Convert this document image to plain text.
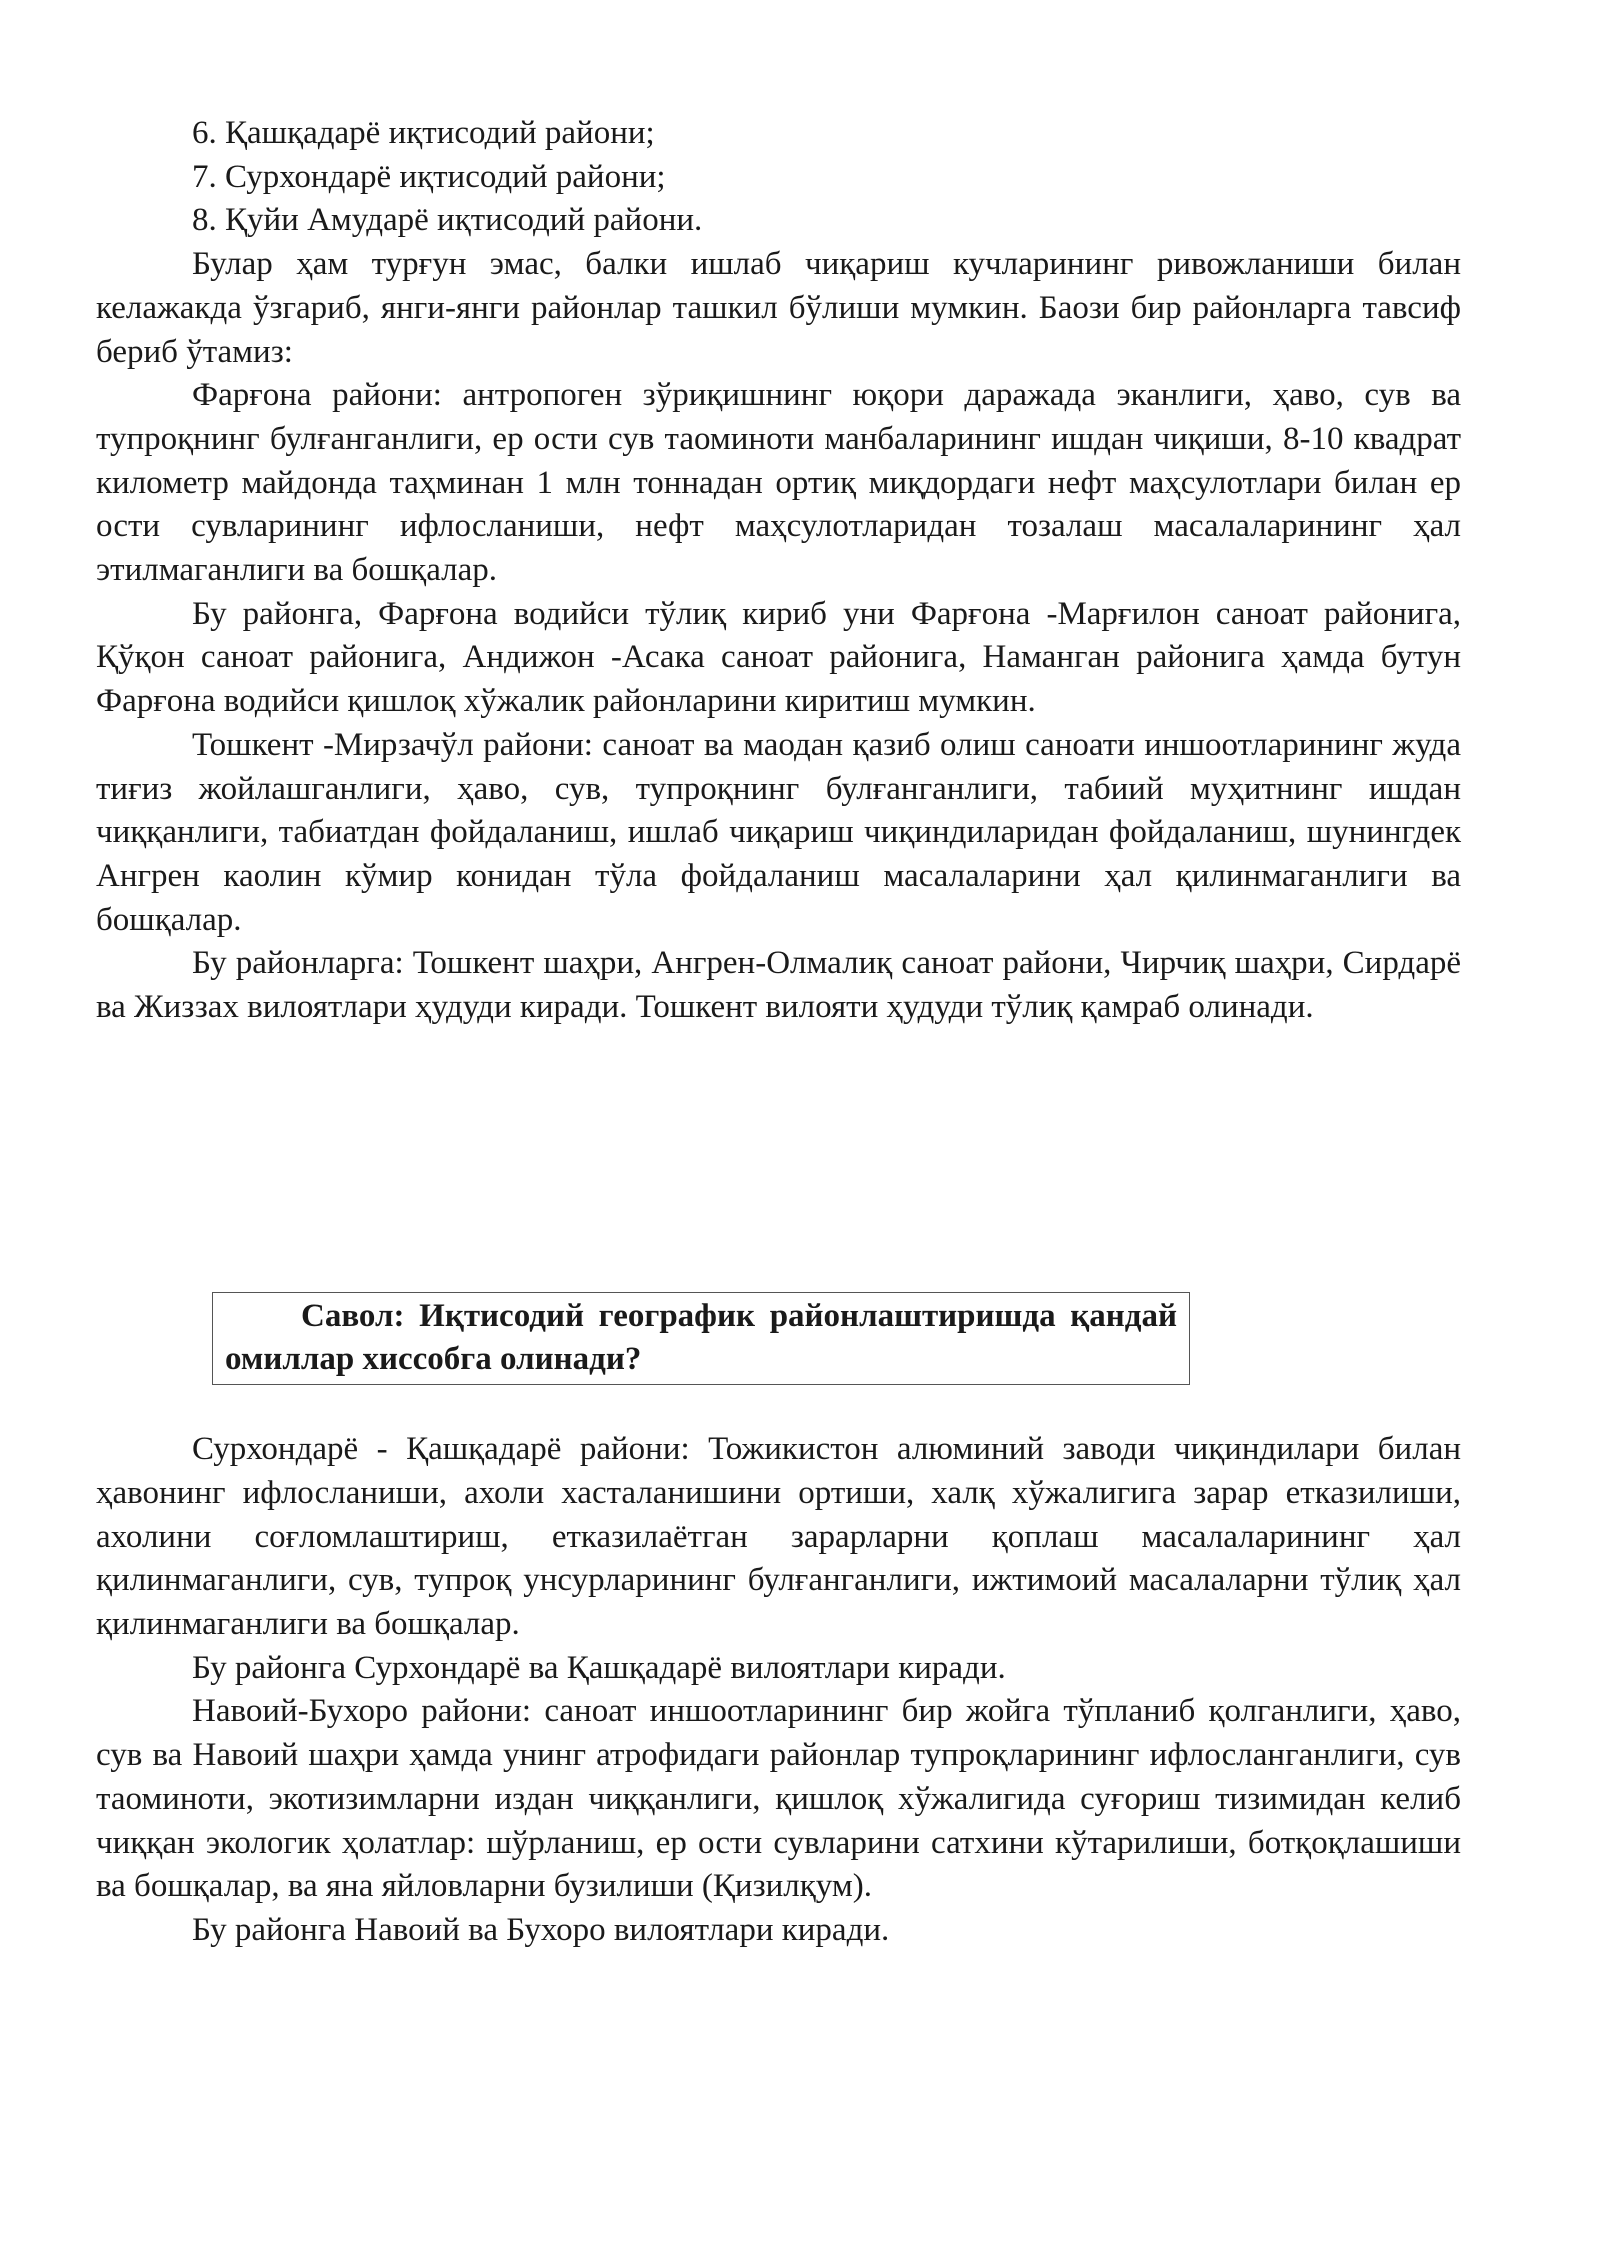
6. Қашқадарё иқтисодий райони;

7. Сурхондарё иқтисодий райони;

8. Қуйи Амударё иқтисодий райони.

Булар ҳам турғун эмас, балки ишлаб чиқариш кучларининг ривожланиши билан келажакда ўзгариб, янги-янги районлар ташкил бўлиши мумкин. Баози бир районларга тавсиф бериб ўтамиз:

Фарғона райони: антропоген зўриқишнинг юқори даражада эканлиги, ҳаво, сув ва тупроқнинг булғанганлиги, ер ости сув таоминоти манбаларининг ишдан чиқиши, 8-10 квадрат километр майдонда таҳминан 1 млн тоннадан ортиқ миқдордаги нефт маҳсулотлари билан ер ости сувларининг ифлосланиши, нефт маҳсулотларидан тозалаш масалаларининг ҳал этилмаганлиги ва бошқалар.

Бу районга, Фарғона водийси тўлиқ кириб уни Фарғона -Марғилон саноат районига, Қўқон саноат районига, Андижон -Асака саноат районига, Наманган районига ҳамда бутун Фарғона водийси қишлоқ хўжалик районларини киритиш мумкин.

Тошкент -Мирзачўл райони: саноат ва маодан қазиб олиш саноати иншоотларининг жуда тиғиз жойлашганлиги, ҳаво, сув, тупроқнинг булғанганлиги, табиий муҳитнинг ишдан чиққанлиги, табиатдан фойдаланиш, ишлаб чиқариш чиқиндиларидан фойдаланиш, шунингдек Ангрен каолин кўмир конидан тўла фойдаланиш масалаларини ҳал қилинмаганлиги ва бошқалар.

Бу районларга: Тошкент шаҳри, Ангрен-Олмалиқ саноат райони, Чирчиқ шаҳри, Сирдарё ва Жиззах вилоятлари ҳудуди киради. Тошкент вилояти ҳудуди тўлиқ қамраб олинади.

Савол: Иқтисодий географик районлаштиришда қандай омиллар хиссобга олинади?

Сурхондарё - Қашқадарё райони: Тожикистон алюминий заводи чиқиндилари билан ҳавонинг ифлосланиши, ахоли хасталанишини ортиши, халқ хўжалигига зарар етказилиши, ахолини соғломлаштириш, етказилаётган зарарларни қоплаш масалаларининг ҳал қилинмаганлиги, сув, тупроқ унсурларининг булғанганлиги, ижтимоий масалаларни тўлиқ ҳал қилинмаганлиги ва бошқалар.

Бу районга Сурхондарё ва Қашқадарё вилоятлари киради.

Навоий-Бухоро райони: саноат иншоотларининг бир жойга тўпланиб қолганлиги, ҳаво, сув ва Навоий шаҳри ҳамда унинг атрофидаги районлар тупроқларининг ифлосланганлиги, сув таоминоти, экотизимларни издан чиққанлиги, қишлоқ хўжалигида суғориш тизимидан келиб чиққан экологик ҳолатлар: шўрланиш, ер ости сувларини сатхини кўтарилиши, ботқоқлашиши ва бошқалар, ва яна яйловларни бузилиши (Қизилқум).

Бу районга Навоий ва Бухоро вилоятлари киради.
